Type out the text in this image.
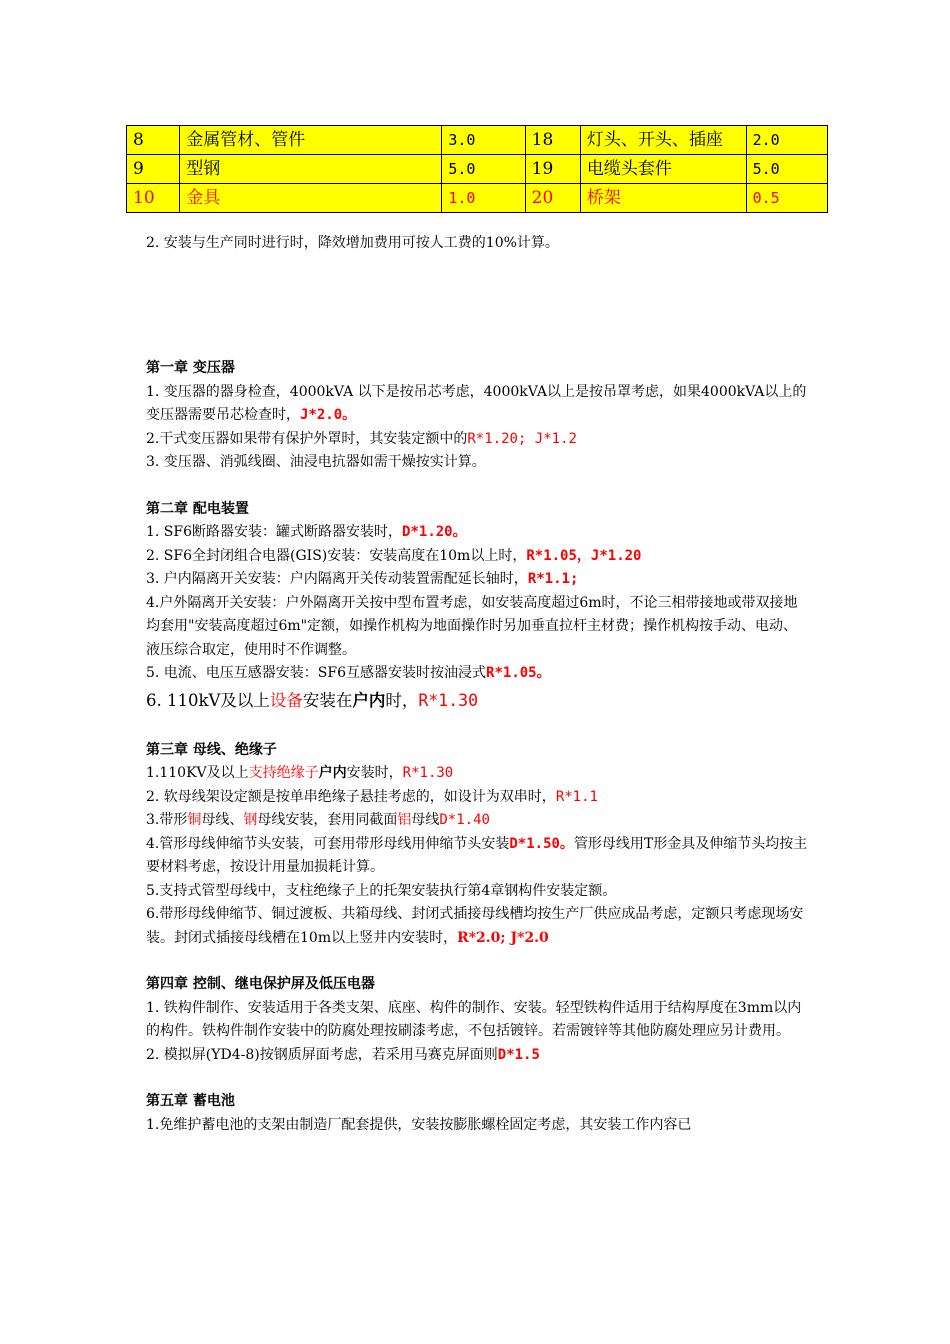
8	金属管材、管件	3.0	18	灯头、开头、插座	2.0
9	型钢	5.0	19	电缆头套件	5.0
10	金具	1.0	20	桥架	0.5
2. 安装与生产同时进行时，降效增加费用可按人工费的10%计算。

第一章 变压器

1. 变压器的器身检查，4000kVA 以下是按吊芯考虑，4000kVA以上是按吊罩考虑，如果4000kVA以上的变压器需要吊芯检查时，J*2.0。

2.干式变压器如果带有保护外罩时，其安装定额中的R*1.20; J*1.2

3. 变压器、消弧线圈、油浸电抗器如需干燥按实计算。

第二章 配电装置

1. SF6断路器安装：罐式断路器安装时，D*1.20。

2. SF6全封闭组合电器(GIS)安装：安装高度在10m以上时，R*1.05，J*1.20

3. 户内隔离开关安装：户内隔离开关传动装置需配延长轴时，R*1.1;

4.户外隔离开关安装：户外隔离开关按中型布置考虑，如安装高度超过6m时，不论三相带接地或带双接地均套用"安装高度超过6m"定额，如操作机构为地面操作时另加垂直拉杆主材费；操作机构按手动、电动、液压综合取定，使用时不作调整。

5. 电流、电压互感器安装：SF6互感器安装时按油浸式R*1.05。

6. 110kV及以上设备安装在户内时，R*1.30

第三章 母线、绝缘子

1.110KV及以上支持绝缘子户内安装时，R*1.30

2. 软母线架设定额是按单串绝缘子悬挂考虑的，如设计为双串时，R*1.1

3.带形铜母线、钢母线安装，套用同截面铝母线D*1.40

4.管形母线伸缩节头安装，可套用带形母线用伸缩节头安装D*1.50。管形母线用T形金具及伸缩节头均按主要材料考虑，按设计用量加损耗计算。

5.支持式管型母线中，支柱绝缘子上的托架安装执行第4章钢构件安装定额。

6.带形母线伸缩节、铜过渡板、共箱母线、封闭式插接母线槽均按生产厂供应成品考虑，定额只考虑现场安装。封闭式插接母线槽在10m以上竖井内安装时，R*2.0; J*2.0

第四章 控制、继电保护屏及低压电器

1. 铁构件制作、安装适用于各类支架、底座、构件的制作、安装。轻型铁构件适用于结构厚度在3mm以内的构件。铁构件制作安装中的防腐处理按刷漆考虑，不包括镀锌。若需镀锌等其他防腐处理应另计费用。

2. 模拟屏(YD4-8)按钢质屏面考虑，若采用马赛克屏面则D*1.5

第五章 蓄电池

1.免维护蓄电池的支架由制造厂配套提供，安装按膨胀螺栓固定考虑，其安装工作内容已
